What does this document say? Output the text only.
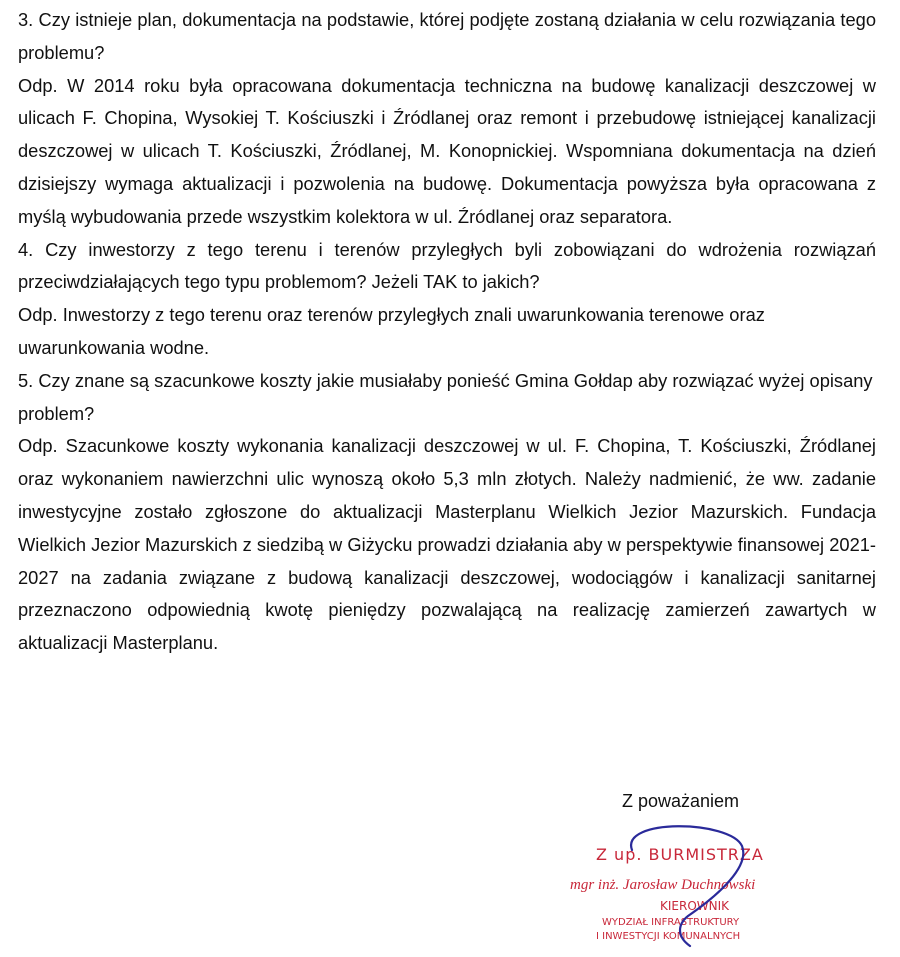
3. Czy istnieje plan, dokumentacja na podstawie, której podjęte zostaną działania w celu rozwiązania tego problemu?

Odp. W 2014 roku była opracowana dokumentacja techniczna na budowę kanalizacji deszczowej w ulicach F. Chopina, Wysokiej T. Kościuszki i Źródlanej oraz remont i przebudowę istniejącej kanalizacji deszczowej w ulicach T. Kościuszki, Źródlanej, M. Konopnickiej. Wspomniana dokumentacja na dzień dzisiejszy wymaga aktualizacji i pozwolenia na budowę. Dokumentacja powyższa była opracowana z myślą wybudowania przede wszystkim kolektora w ul. Źródlanej oraz separatora.

4. Czy inwestorzy z tego terenu i terenów przyległych byli zobowiązani do wdrożenia rozwiązań przeciwdziałających tego typu problemom? Jeżeli TAK to jakich?

Odp. Inwestorzy z tego terenu oraz terenów przyległych znali uwarunkowania terenowe oraz uwarunkowania wodne.

5. Czy znane są szacunkowe koszty jakie musiałaby ponieść Gmina Gołdap aby rozwiązać wyżej opisany problem?

Odp. Szacunkowe koszty wykonania kanalizacji deszczowej w ul. F. Chopina, T. Kościuszki, Źródlanej oraz wykonaniem nawierzchni ulic wynoszą około 5,3 mln złotych. Należy nadmienić, że ww. zadanie inwestycyjne zostało zgłoszone do aktualizacji Masterplanu Wielkich Jezior Mazurskich. Fundacja Wielkich Jezior Mazurskich z siedzibą w Giżycku prowadzi działania aby w perspektywie finansowej 2021-2027 na zadania związane z budową kanalizacji deszczowej, wodociągów i kanalizacji sanitarnej przeznaczono odpowiednią kwotę pieniędzy pozwalającą na realizację zamierzeń zawartych w aktualizacji Masterplanu.

Z poważaniem
Z up. BURMISTRZA
mgr inż. Jarosław Duchnowski
KIEROWNIK
WYDZIAŁ INFRASTRUKTURY
I INWESTYCJI KOMUNALNYCH
